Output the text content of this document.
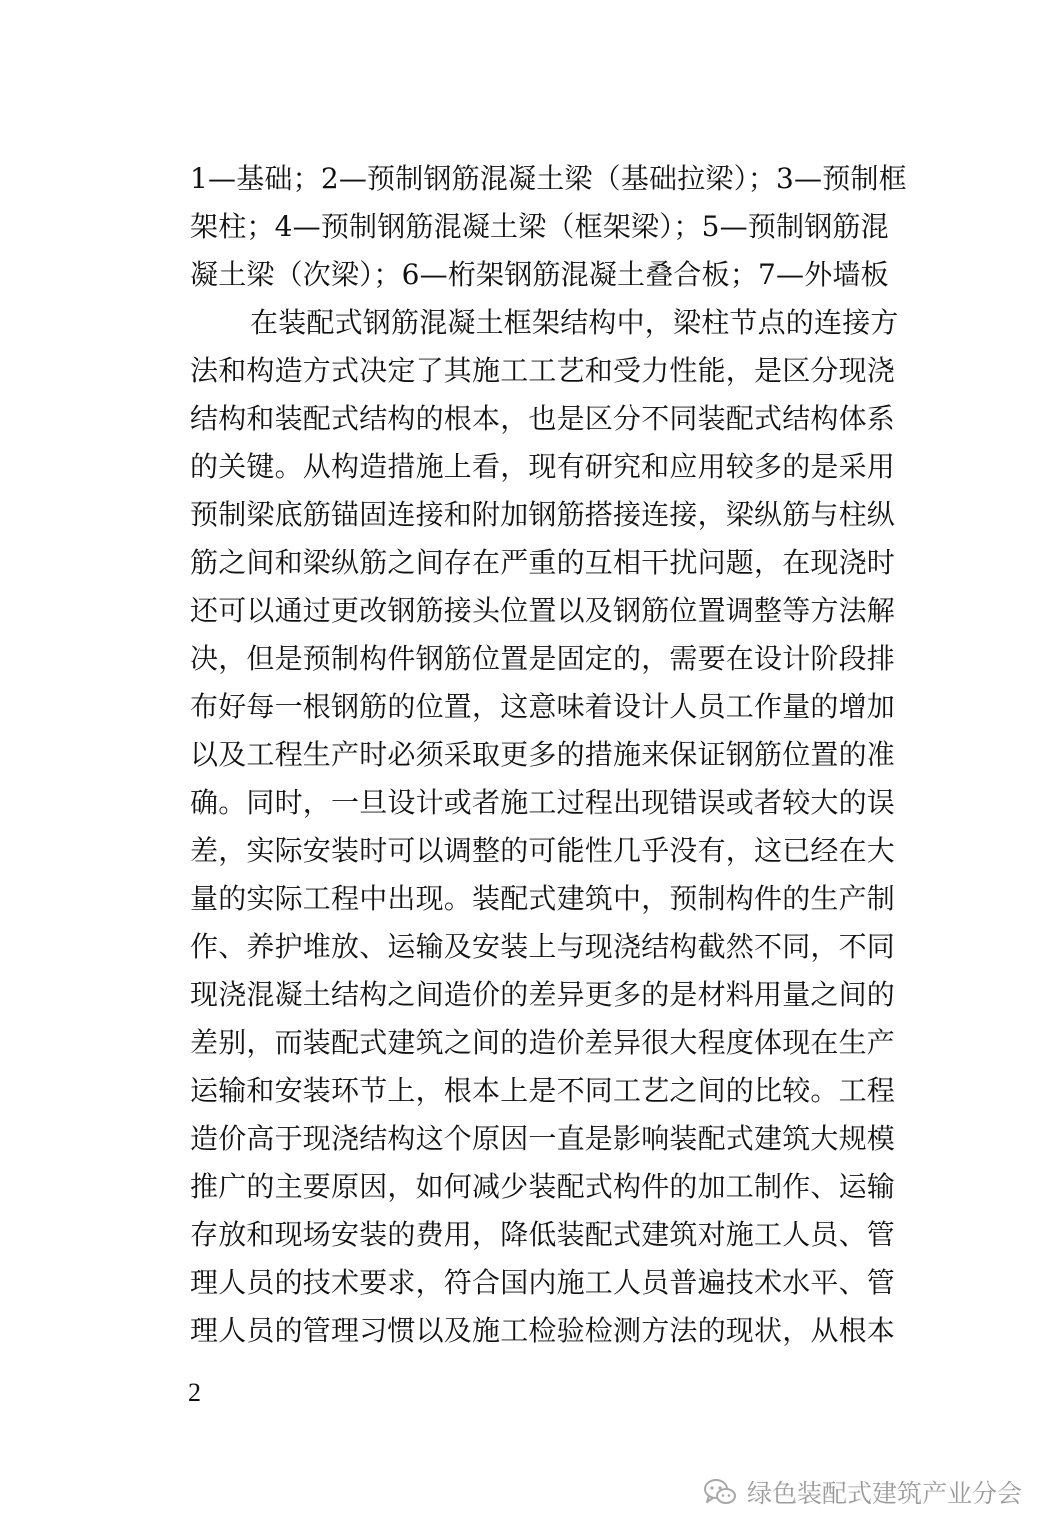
1—基础；2—预制钢筋混凝土梁（基础拉梁）；3—预制框
架柱；4—预制钢筋混凝土梁（框架梁）；5—预制钢筋混
凝土梁（次梁）；6—桁架钢筋混凝土叠合板；7—外墙板
在装配式钢筋混凝土框架结构中，梁柱节点的连接方
法和构造方式决定了其施工工艺和受力性能，是区分现浇
结构和装配式结构的根本，也是区分不同装配式结构体系
的关键。从构造措施上看，现有研究和应用较多的是采用
预制梁底筋锚固连接和附加钢筋搭接连接，梁纵筋与柱纵
筋之间和梁纵筋之间存在严重的互相干扰问题，在现浇时
还可以通过更改钢筋接头位置以及钢筋位置调整等方法解
决，但是预制构件钢筋位置是固定的，需要在设计阶段排
布好每一根钢筋的位置，这意味着设计人员工作量的增加
以及工程生产时必须采取更多的措施来保证钢筋位置的准
确。同时，一旦设计或者施工过程出现错误或者较大的误
差，实际安装时可以调整的可能性几乎没有，这已经在大
量的实际工程中出现。装配式建筑中，预制构件的生产制
作、养护堆放、运输及安装上与现浇结构截然不同，不同
现浇混凝土结构之间造价的差异更多的是材料用量之间的
差别，而装配式建筑之间的造价差异很大程度体现在生产
运输和安装环节上，根本上是不同工艺之间的比较。工程
造价高于现浇结构这个原因一直是影响装配式建筑大规模
推广的主要原因，如何减少装配式构件的加工制作、运输
存放和现场安装的费用，降低装配式建筑对施工人员、管
理人员的技术要求，符合国内施工人员普遍技术水平、管
理人员的管理习惯以及施工检验检测方法的现状，从根本
2
绿色装配式建筑产业分会
